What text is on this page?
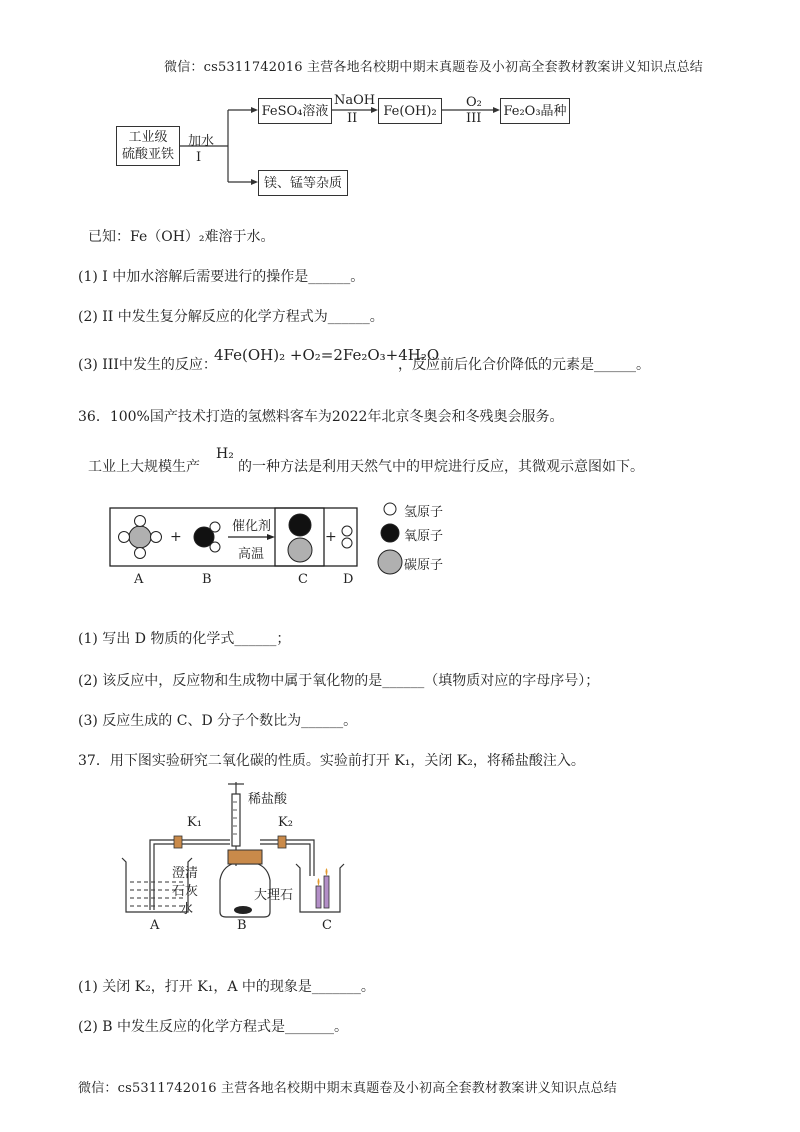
微信：cs5311742016 主营各地名校期中期末真题卷及小初高全套教材教案讲义知识点总结
工业级
硫酸亚铁
加水
I
FeSO₄溶液
NaOH
II	Fe(OH)₂
O₂
III Fe₂O₃晶种
镁、锰等杂质
已知：Fe（OH）₂难溶于水。
(1) I 中加水溶解后需要进行的操作是______。
(2) II 中发生复分解反应的化学方程式为______。
(3) III中发生的反应：
4Fe(OH)₂ +O₂=2Fe₂O₃+4H₂O
，反应前后化合价降低的元素是______。
36．100%国产技术打造的氢燃料客车为2022年北京冬奥会和冬残奥会服务。
工业上大规模生产
H₂
的一种方法是利用天然气中的甲烷进行反应，其微观示意图如下。
+	+
催化剂
高温
A	B	C	D
氢原子
氧原子
碳原子
(1) 写出 D 物质的化学式______；
(2) 该反应中，反应物和生成物中属于氧化物的是______（填物质对应的字母序号）；
(3) 反应生成的 C、D 分子个数比为______。
37．用下图实验研究二氧化碳的性质。实验前打开 K₁，关闭 K₂，将稀盐酸注入。
稀盐酸
K₁	K₂
澄清
石灰
水
大理石
A	B	C
(1) 关闭 K₂，打开 K₁，A 中的现象是_______。
(2) B 中发生反应的化学方程式是_______。
微信：cs5311742016 主营各地名校期中期末真题卷及小初高全套教材教案讲义知识点总结
